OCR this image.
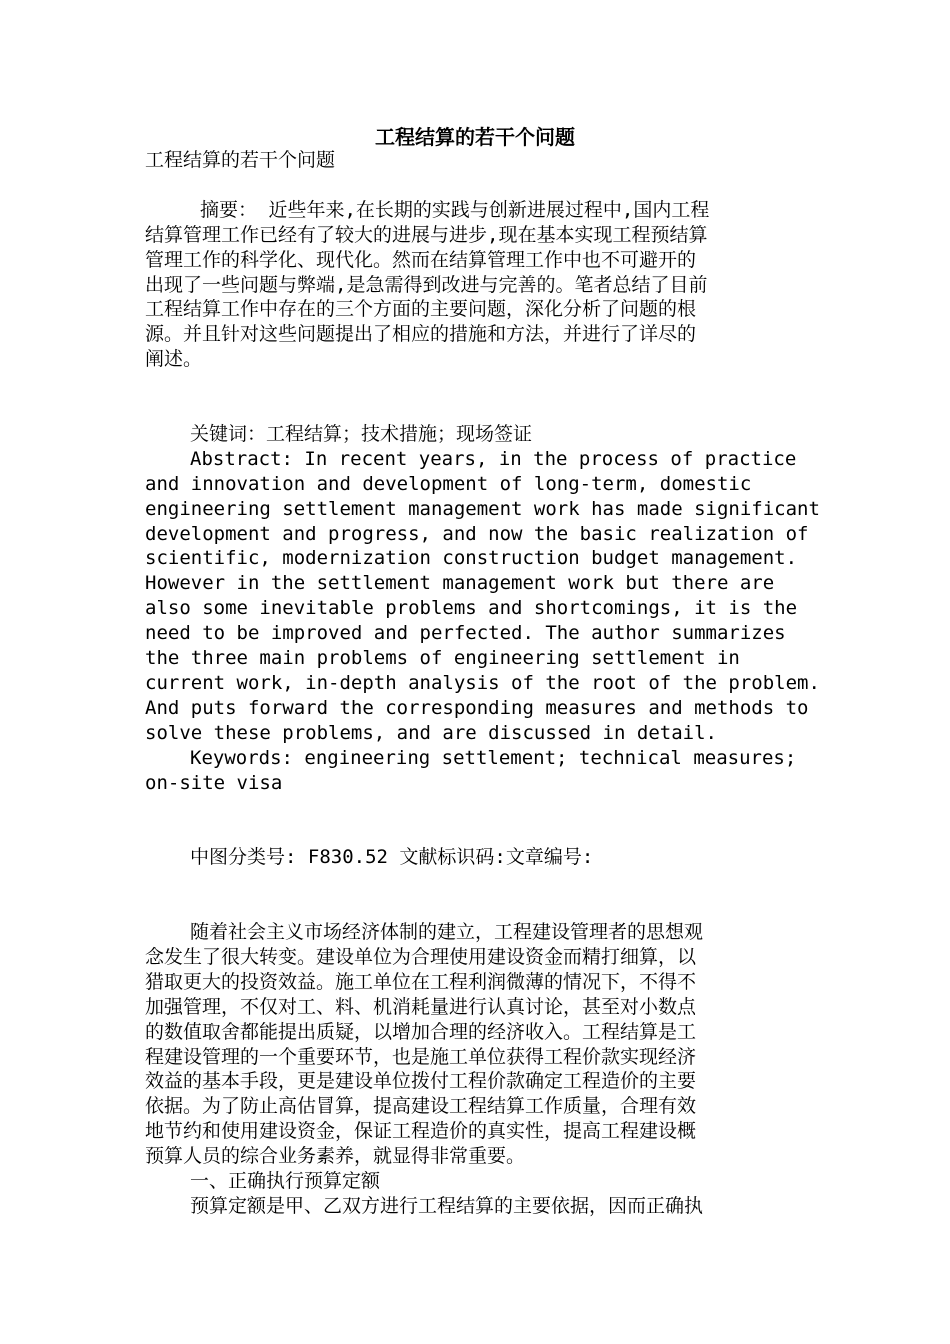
工程结算的若干个问题

工程结算的若干个问题

摘要： 近些年来,在长期的实践与创新进展过程中,国内工程

结算管理工作已经有了较大的进展与进步,现在基本实现工程预结算

管理工作的科学化、现代化。然而在结算管理工作中也不可避开的

出现了一些问题与弊端,是急需得到改进与完善的。笔者总结了目前

工程结算工作中存在的三个方面的主要问题，深化分析了问题的根

源。并且针对这些问题提出了相应的措施和方法，并进行了详尽的

阐述。

关键词：工程结算；技术措施；现场签证

Abstract: In recent years, in the process of practice

and innovation and development of long-term, domestic

engineering settlement management work has made significant

development and progress, and now the basic realization of

scientific, modernization construction budget management.

However in the settlement management work but there are

also some inevitable problems and shortcomings, it is the

need to be improved and perfected. The author summarizes

the three main problems of engineering settlement in

current work, in-depth analysis of the root of the problem.

And puts forward the corresponding measures and methods to

solve these problems, and are discussed in detail.

Keywords: engineering settlement; technical measures;

on-site visa

中图分类号: F830.52 文献标识码:文章编号:

随着社会主义市场经济体制的建立，工程建设管理者的思想观

念发生了很大转变。建设单位为合理使用建设资金而精打细算，以

猎取更大的投资效益。施工单位在工程利润微薄的情况下，不得不

加强管理，不仅对工、料、机消耗量进行认真讨论，甚至对小数点

的数值取舍都能提出质疑，以增加合理的经济收入。工程结算是工

程建设管理的一个重要环节，也是施工单位获得工程价款实现经济

效益的基本手段，更是建设单位拨付工程价款确定工程造价的主要

依据。为了防止高估冒算，提高建设工程结算工作质量，合理有效

地节约和使用建设资金，保证工程造价的真实性，提高工程建设概

预算人员的综合业务素养，就显得非常重要。

一、正确执行预算定额

预算定额是甲、乙双方进行工程结算的主要依据，因而正确执
